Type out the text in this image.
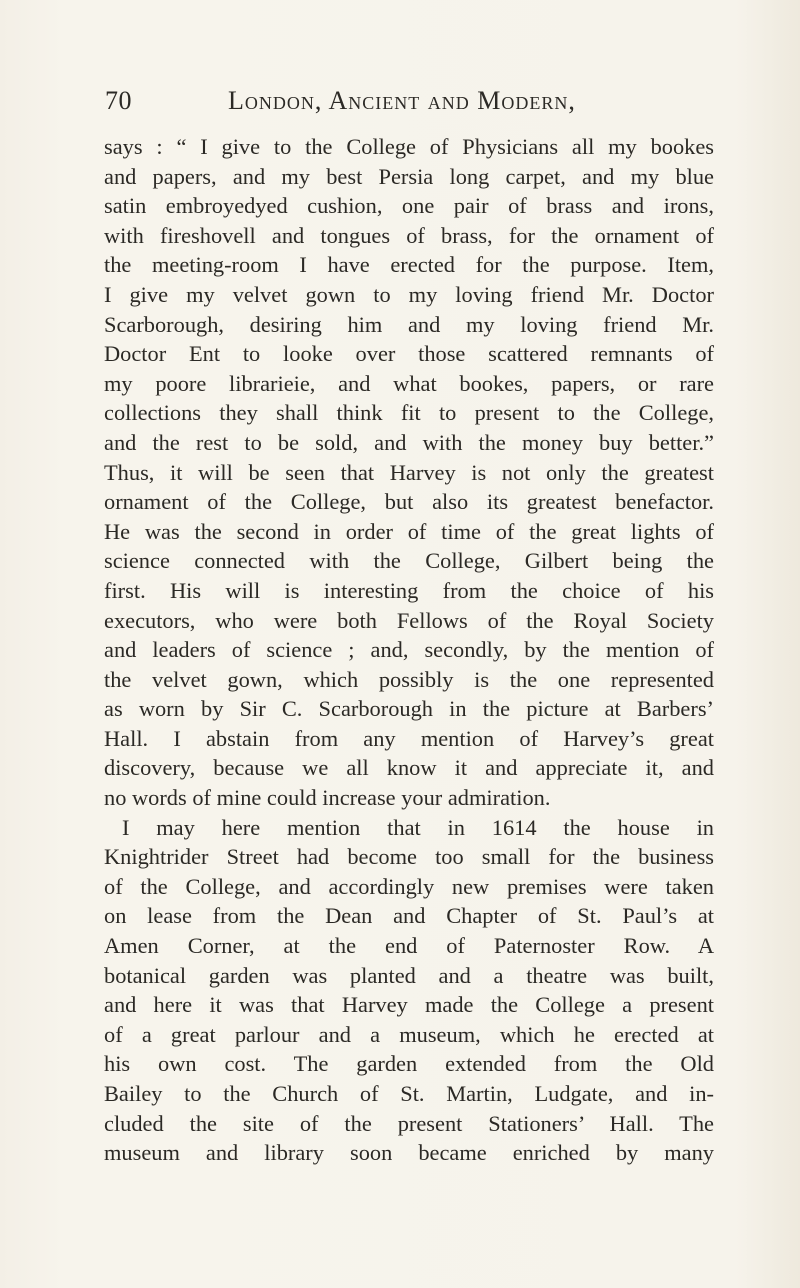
70	London, Ancient and Modern,
says : “ I give to the College of Physicians all my bookes
and papers, and my best Persia long carpet, and my blue
satin embroyedyed cushion, one pair of brass and irons,
with fireshovell and tongues of brass, for the ornament of
the meeting-room I have erected for the purpose. Item,
I give my velvet gown to my loving friend Mr. Doctor
Scarborough, desiring him and my loving friend Mr.
Doctor Ent to looke over those scattered remnants of
my poore librarieie, and what bookes, papers, or rare
collections they shall think fit to present to the College,
and the rest to be sold, and with the money buy better.”
Thus, it will be seen that Harvey is not only the greatest
ornament of the College, but also its greatest benefactor.
He was the second in order of time of the great lights of
science connected with the College, Gilbert being the
first. His will is interesting from the choice of his
executors, who were both Fellows of the Royal Society
and leaders of science ; and, secondly, by the mention of
the velvet gown, which possibly is the one represented
as worn by Sir C. Scarborough in the picture at Barbers’
Hall. I abstain from any mention of Harvey’s great
discovery, because we all know it and appreciate it, and
no words of mine could increase your admiration.
I may here mention that in 1614 the house in
Knightrider Street had become too small for the business
of the College, and accordingly new premises were taken
on lease from the Dean and Chapter of St. Paul’s at
Amen Corner, at the end of Paternoster Row. A
botanical garden was planted and a theatre was built,
and here it was that Harvey made the College a present
of a great parlour and a museum, which he erected at
his own cost. The garden extended from the Old
Bailey to the Church of St. Martin, Ludgate, and in-
cluded the site of the present Stationers’ Hall. The
museum and library soon became enriched by many
